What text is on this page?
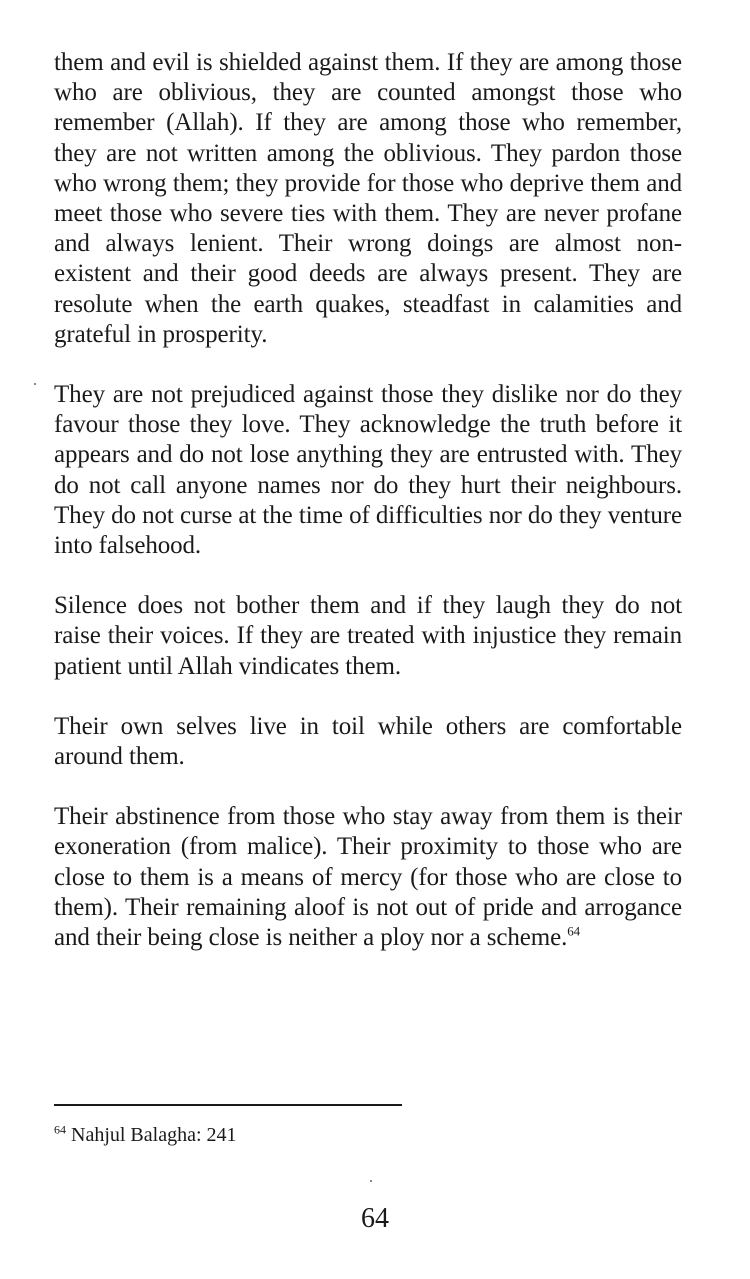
them and evil is shielded against them. If they are among those who are oblivious, they are counted amongst those who remember (Allah). If they are among those who remember, they are not written among the oblivious. They pardon those who wrong them; they provide for those who deprive them and meet those who severe ties with them. They are never profane and always lenient. Their wrong doings are almost non-existent and their good deeds are always present. They are resolute when the earth quakes, steadfast in calamities and grateful in prosperity.

They are not prejudiced against those they dislike nor do they favour those they love. They acknowledge the truth before it appears and do not lose anything they are entrusted with. They do not call anyone names nor do they hurt their neighbours. They do not curse at the time of difficulties nor do they venture into falsehood.

Silence does not bother them and if they laugh they do not raise their voices. If they are treated with injustice they remain patient until Allah vindicates them.

Their own selves live in toil while others are comfortable around them.

Their abstinence from those who stay away from them is their exoneration (from malice). Their proximity to those who are close to them is a means of mercy (for those who are close to them). Their remaining aloof is not out of pride and arrogance and their being close is neither a ploy nor a scheme.$^{64}$

$^{64}$ Nahjul Balagha: 241
64
